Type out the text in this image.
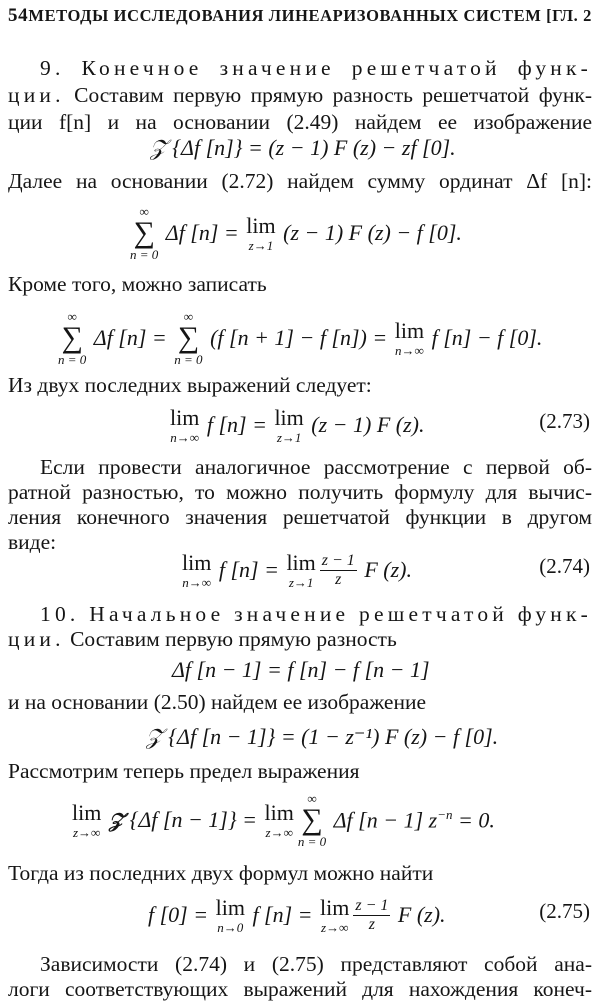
54 МЕТОДЫ ИССЛЕДОВАНИЯ ЛИНЕАРИЗОВАННЫХ СИСТЕМ [ГЛ. 2
9. Конечное значение решетчатой функ-
ции. Составим первую прямую разность решетчатой функ-
ции f[n] и на основании (2.49) найдем ее изображение
𝒵 {Δf [n]} = (z − 1) F (z) − zf [0].
Далее на основании (2.72) найдем сумму ординат Δf [n]:
∞
∑
n = 0
Δf [n] = lim
z→1 (z − 1) F (z) − f [0].
Кроме того, можно записать
∞
∑
n = 0
Δf [n] =
∞
∑
n = 0
(f [n + 1] − f [n]) = lim
n→∞ f [n] − f [0].
Из двух последних выражений следует:
lim
n→∞ f [n] = lim
z→1 (z − 1) F (z).	(2.73)
Если провести аналогичное рассмотрение с первой об-
ратной разностью, то можно получить формулу для вычис-
ления конечного значения решетчатой функции в другом
виде:
lim
n→∞ f [n] = lim
$z\to 1 \frac{z - 1}{z}$ F (z).	(2.74)
10. Начальное значение решетчатой функ-
ции. Составим первую прямую разность
Δf [n − 1] = f [n] − f [n − 1]
и на основании (2.50) найдем ее изображение
𝒵 {Δf [n − 1]} = (1 − z⁻¹) F (z) − f [0].
Рассмотрим теперь предел выражения
lim
z→∞ 𝒵 {Δf [n − 1]} = lim
z→∞
∞
∑
n = 0
Δf [n − 1] $z^{-n} = 0$.
Тогда из последних двух формул можно найти
f [0] = lim
n→0 f [n] = lim
$z\to\infty \frac{z - 1}{z}$ F (z).	(2.75)
Зависимости (2.74) и (2.75) представляют собой ана-
логи соответствующих выражений для нахождения конеч-
